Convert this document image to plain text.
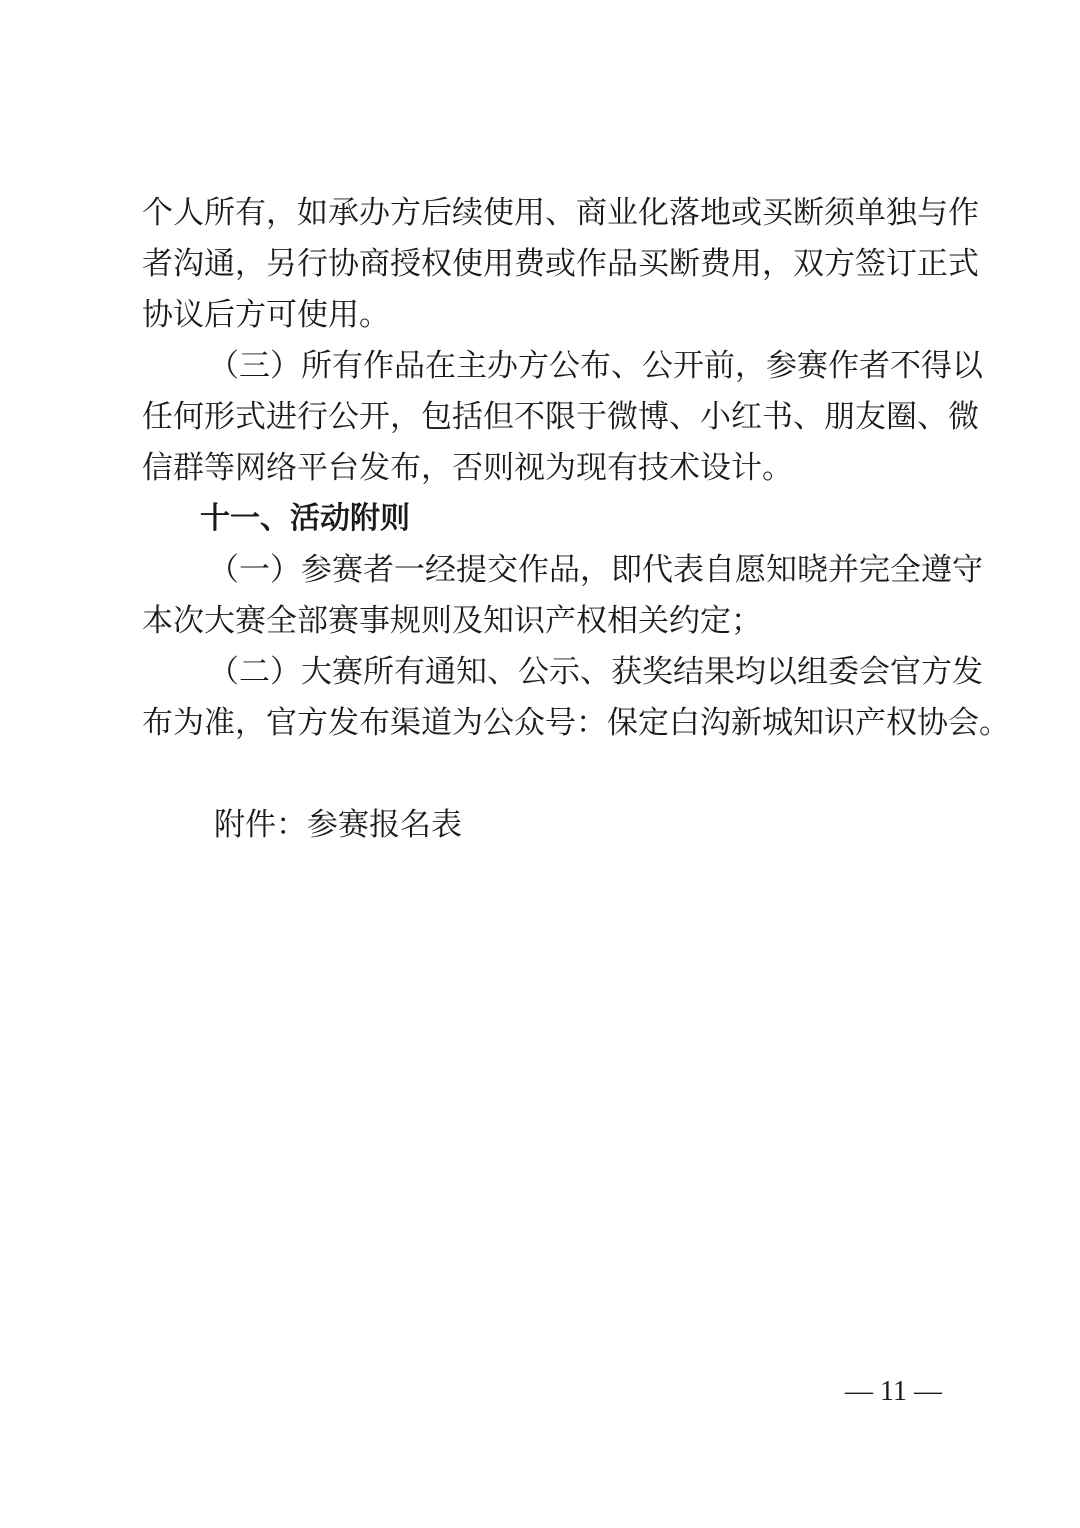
个人所有，如承办方后续使用、商业化落地或买断须单独与作
者沟通，另行协商授权使用费或作品买断费用，双方签订正式
协议后方可使用。
（三）所有作品在主办方公布、公开前，参赛作者不得以
任何形式进行公开，包括但不限于微博、小红书、朋友圈、微
信群等网络平台发布，否则视为现有技术设计。
十一、活动附则
（一）参赛者一经提交作品，即代表自愿知晓并完全遵守
本次大赛全部赛事规则及知识产权相关约定；
（二）大赛所有通知、公示、获奖结果均以组委会官方发
布为准，官方发布渠道为公众号：保定白沟新城知识产权协会。
附件：参赛报名表
— 11 —
